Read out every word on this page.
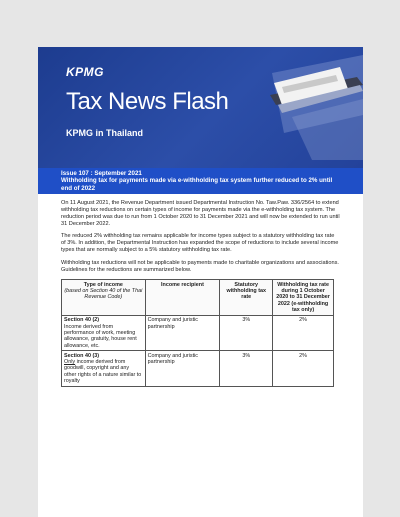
KPMG
Tax News Flash
KPMG in Thailand
Issue 107 : September 2021
Withholding tax for payments made via e-withholding tax system further reduced to 2% until end of 2022

On 11 August 2021, the Revenue Department issued Departmental Instruction No. Taw.Paw. 336/2564 to extend withholding tax reductions on certain types of income for payments made via the e-withholding tax system. The reduction period was due to run from 1 October 2020 to 31 December 2021 and will now be extended to run until 31 December 2022.

The reduced 2% withholding tax remains applicable for income types subject to a statutory withholding tax rate of 3%. In addition, the Departmental Instruction has expanded the scope of reductions to include several income types that are normally subject to a 5% statutory withholding tax rate.

Withholding tax reductions will not be applicable to payments made to charitable organizations and associations. Guidelines for the reductions are summarized below.

Type of income
(based on Section 40 of the Thai Revenue Code)	Income recipient	Statutory withholding tax rate	Withholding tax rate during 1 October 2020 to 31 December 2022 (e-withholding tax only)

Section 40 (2)
Income derived from performance of work, meeting allowance, gratuity, house rent allowance, etc.	Company and juristic partnership	3%	2%

Section 40 (3)
Only income derived from goodwill, copyright and any other rights of a nature similar to royalty	Company and juristic partnership	3%	2%
